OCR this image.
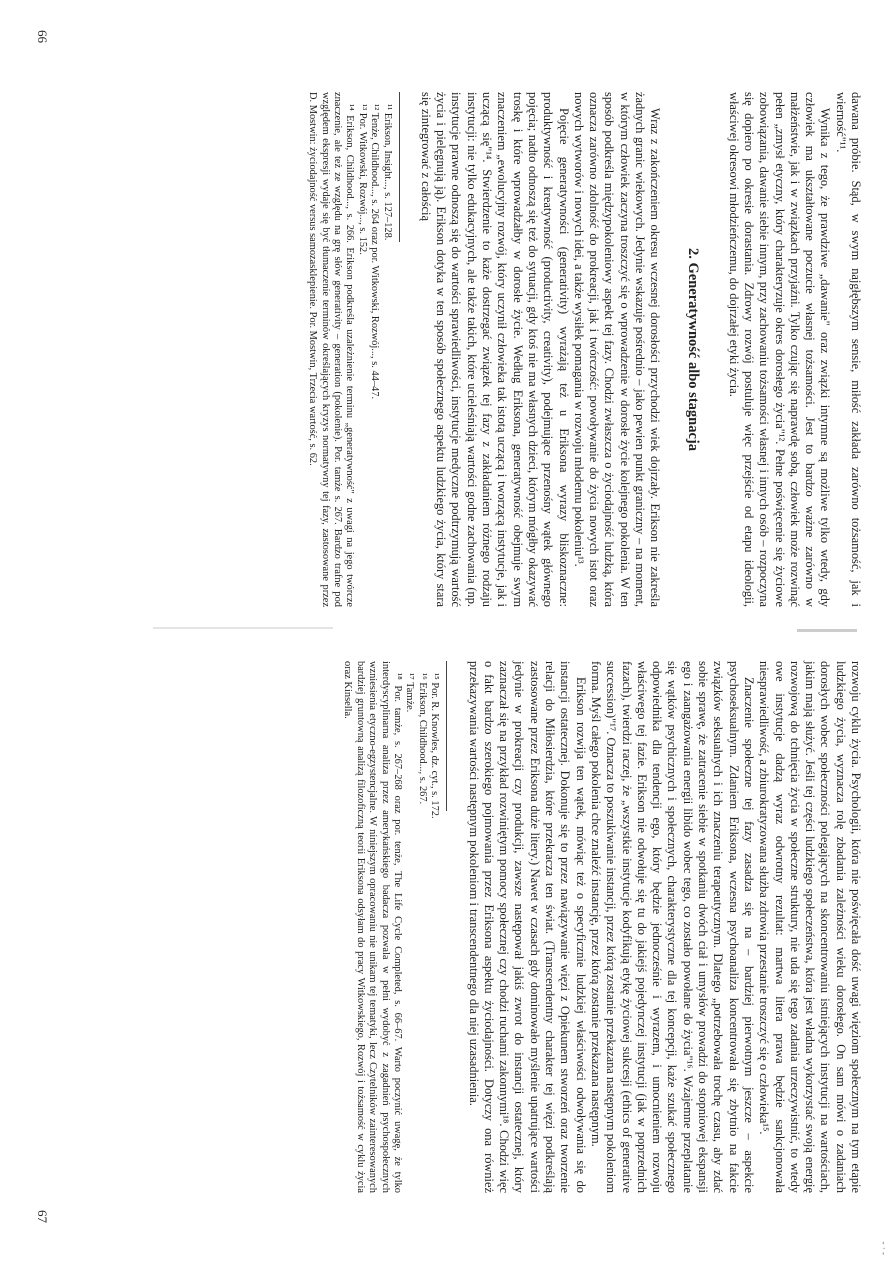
dawana próbie. Stąd, w swym najgłębszym sensie, miłość zakłada zarówno tożsamość, jak i wierność"¹¹.

Wynika z tego, że prawdziwe „dawanie" oraz związki intymne są możliwe tylko wtedy, gdy człowiek ma ukształtowane poczucie własnej tożsamości. Jest to bardzo ważne zarówno w małżeństwie, jak i w związkach przyjaźni. Tylko czując się naprawdę sobą, człowiek może rozwinąć pełen „zmysł etyczny, który charakteryzuje okres dorosłego życia"¹². Pełne poświęcenie się życiowe zobowiązania, dawanie siebie innym, przy zachowaniu tożsamości własnej i innych osób – rozpoczyna się dopiero po okresie dorastania. Zdrowy rozwój postuluje więc przejście od etapu ideologii, właściwej okresowi młodzieńczemu, do dojrzałej etyki życia.

2. Generatywność albo stagnacja

Wraz z zakończeniem okresu wczesnej dorosłości przychodzi wiek dojrzały. Erikson nie zakreśla żadnych granic wiekowych. Jedynie wskazuje pośrednio – jako pewien punkt graniczny – na moment, w którym człowiek zaczyna troszczyć się o wprowadzenie w dorosłe życie kolejnego pokolenia. W ten sposób podkreśla międzypokoleniowy aspekt tej fazy. Chodzi zwłaszcza o życiodajność ludzką, która oznacza zarówno zdolność do prokreacji, jak i twórczość: powoływanie do życia nowych istot oraz nowych wytworów i nowych idei, a także wysiłek pomagania w rozwoju młodemu pokoleniu¹³.

Pojęcie generatywności (generativity) wyrażają też u Eriksona wyrazy bliskoznaczne: produktywność i kreatywność (productivity, creativity), podejmujące przenośny wątek głównego pojęcia; nadto odnoszą się też do sytuacji, gdy ktoś nie ma własnych dzieci, którym mógłby okazywać troskę i które wprowadzałby w dorosłe życie. Według Eriksona, generatywność obejmuje swym znaczeniem „ewolucyjny rozwój, który uczynił człowieka tak istotą uczącą i tworzącą instytucje, jak i uczącą się"¹⁴. Stwierdzenie to każe dostrzegać związek tej fazy z zakładaniem różnego rodzaju instytucji: nie tylko edukacyjnych, ale także takich, które ucieleśniają wartości godne zachowania (np. instytucje prawne odnoszą się do wartości sprawiedliwości, instytucje medyczne podtrzymują wartość życia i pielęgnują ją). Erikson dotyka w ten sposób społecznego aspektu ludzkiego życia, który stara się zintegrować z całością

¹¹ Erikson, Insight..., s. 127–128.
¹² Tenże, Childhood..., s. 264 oraz por. Witkowski, Rozwój..., s. 44–47.
¹³ Por. Witkowski, Rozwój..., s. 152.
¹⁴ Erikson, Childhood..., s. 266. Erikson podkreśla uzależnienie terminu „generatywność" z uwagi na jego twórcze znaczenie, ale też ze względu na grę słów generativity – generation (pokolenie). Por. tamże s. 267. Bardzo trafne pod względem ekspresji wydaje się być tłumaczenie terminów określających kryzys normatywny tej fazy, zastosowane przez D. Mostwin: życiodajność versus samozasklepienie. Por. Mostwin, Trzecia wartość, s. 62.
66

rozwoju cyklu życia. Psychologii, która nie poświęcała dość uwagi więziom społecznym na tym etapie ludzkiego życia, wyznacza rolę zbadania zależności wieku dorosłego. On sam mówi o zadaniach dorosłych wobec społeczności polegających na skoncentrowaniu istniejących instytucji na wartościach, jakim mają służyć. Jeśli tej części ludzkiego społeczeństwa, która jest władna wykorzystać swoją energię rozwojową do tchnięcia życia w społeczne struktury, nie uda się tego zadania urzeczywistnić, to wtedy owe instytucje dadzą wyraz odwrotny rezultat: martwa litera prawa będzie sankcjonowała niesprawiedliwość, a zbiurokratyzowana służba zdrowia przestanie troszczyć się o człowieka¹⁵.

Znaczenie społeczne tej fazy zasadza się na – bardziej pierwotnym jeszcze – aspekcie psychoseksualnym. Zdaniem Eriksona, wczesna psychoanaliza koncentrowała się zbytnio na fakcie związków seksualnych i ich znaczeniu terapeutycznym. Dlatego „potrzebowała trochę czasu, aby zdać sobie sprawę, że zatracenie siebie w spotkaniu dwóch ciał i umysłów prowadzi do stopniowej ekspansji ego i zaangażowania energii libido wobec tego, co zostało powołane do życia"¹⁶. Wzajemne przeplatanie się wątków psychicznych i społecznych, charakterystyczne dla tej koncepcji, każe szukać społecznego odpowiednika dla tendencji ego, który będzie jednocześnie i wyrazem, i umocnieniem rozwoju właściwego tej fazie. Erikson nie odwołuje się tu do jakiejś pojedynczej instytucji (jak w poprzednich fazach), twierdzi raczej, że „wszystkie instytucje kodyfikują etykę życiowej sukcesji (ethics of generative succession)"¹⁷. Oznacza to poszukiwanie instancji, przez którą zostanie przekazana następnym pokoleniom forma. Myśl całego pokolenia chce znaleźć instancję, przez którą zostanie przekazana następnym.

Erikson rozwija ten wątek, mówiąc też o specyficznie ludzkiej właściwości odwoływania się do instancji ostatecznej. Dokonuje się to przez nawiązywanie więzi z Opiekunem stworzeń oraz tworzenie relacji do Miłosierdzia, które przekracza ten świat. (Transcendentny charakter tej więzi podkreślają zastosowane przez Eriksona duże litery.) Nawet w czasach gdy dominowało myślenie upatrujące wartości jedynie w prokreacji czy produkcji, zawsze następował jakiś zwrot do instancji ostatecznej, który zaznaczał się na przykład rozwiniętym pomocy społecznej czy chodzi ruchami zakonnymi¹⁸. Chodzi więc o fakt bardzo szerokiego pojmowania przez Eriksona aspektu życiodajności. Dotyczy ona również przekazywania wartości następnym pokoleniom i transcendentnego dla niej uzasadnienia.

¹⁵ Por. R. Knowles, dz. cyt., s. 172.
¹⁶ Erikson, Childhood..., s. 267.
¹⁷ Tamże.
¹⁸ Por. tamże, s. 267–268 oraz por. tenże, The Life Cycle Completed, s. 66–67. Warto poczynić uwagę, że tylko interdyscyplinarna analiza przez amerykańskiego badacza pozwala w pełni wydobyć z zagadnień psychospołecznych wzniesienia etyczno-egzystencjalne. W niniejszym opracowaniu nie unikam tej tematyki, lecz Czytelników zainteresowanych bardziej gruntowną analizą filozoficzną teorii Eriksona odsyłam do pracy Witkowskiego, Rozwój i tożsamość w cyklu życia oraz Kinsella.
67
- · -
